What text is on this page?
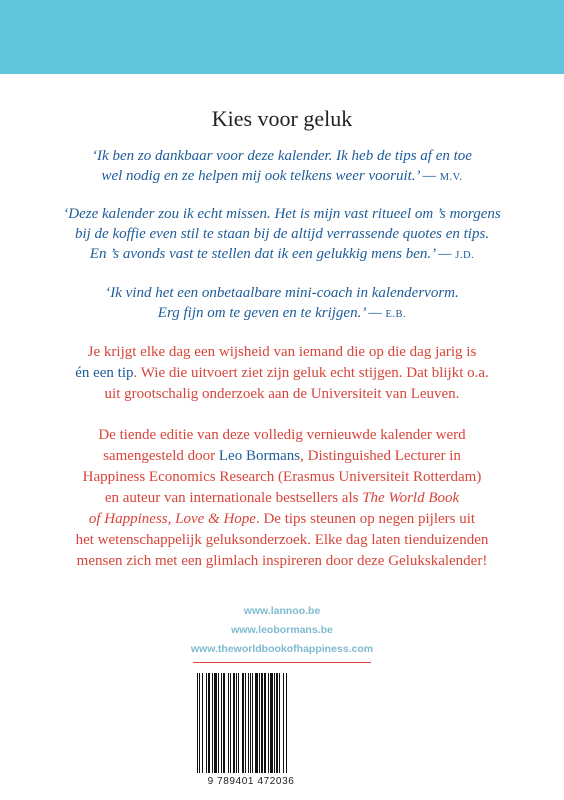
Kies voor geluk
‘Ik ben zo dankbaar voor deze kalender. Ik heb de tips af en toe
wel nodig en ze helpen mij ook telkens weer vooruit.’ — M.V.
‘Deze kalender zou ik echt missen. Het is mijn vast ritueel om ’s morgens
bij de koffie even stil te staan bij de altijd verrassende quotes en tips.
En ’s avonds vast te stellen dat ik een gelukkig mens ben.’ — J.D.
‘Ik vind het een onbetaalbare mini-coach in kalendervorm.
Erg fijn om te geven en te krijgen.’ — E.B.
Je krijgt elke dag een wijsheid van iemand die op die dag jarig is
én een tip. Wie die uitvoert ziet zijn geluk echt stijgen. Dat blijkt o.a.
uit grootschalig onderzoek aan de Universiteit van Leuven.
De tiende editie van deze volledig vernieuwde kalender werd
samengesteld door Leo Bormans, Distinguished Lecturer in
Happiness Economics Research (Erasmus Universiteit Rotterdam)
en auteur van internationale bestsellers als The World Book
of Happiness, Love & Hope. De tips steunen op negen pijlers uit
het wetenschappelijk geluksonderzoek. Elke dag laten tienduizenden
mensen zich met een glimlach inspireren door deze Gelukskalender!
www.lannoo.be
www.leobormans.be
www.theworldbookofhappiness.com
9 789401 472036
